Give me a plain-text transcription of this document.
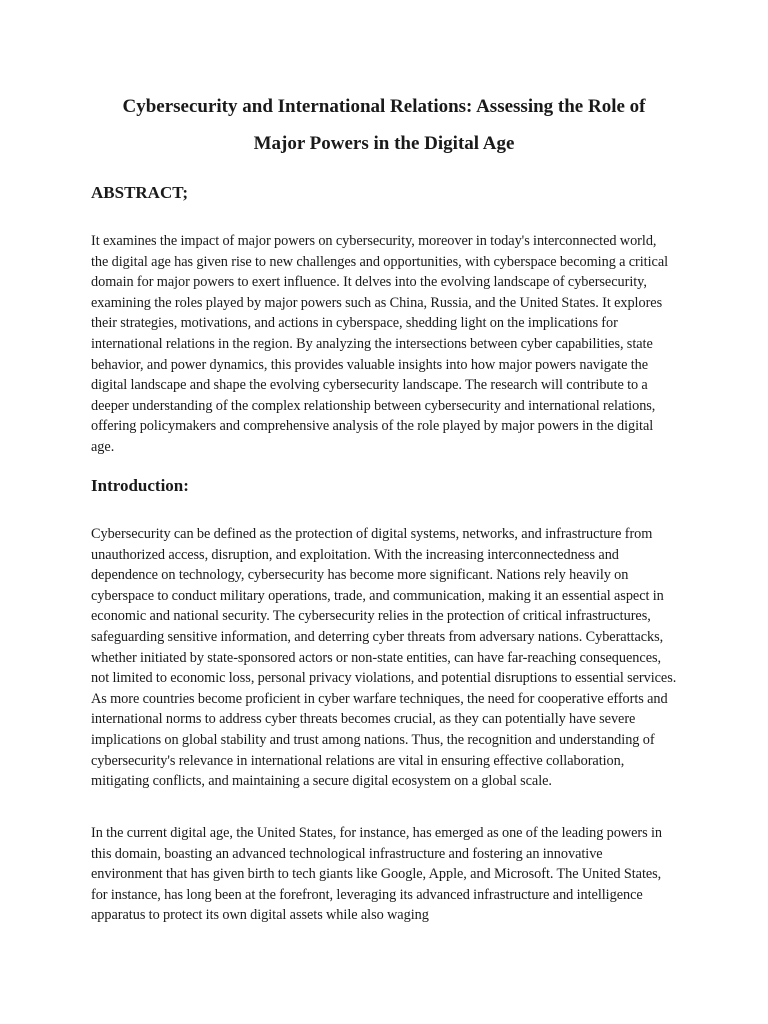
Cybersecurity and International Relations: Assessing the Role of
Major Powers in the Digital Age
ABSTRACT;

It examines the impact of major powers on cybersecurity, moreover in today's interconnected world, the digital age has given rise to new challenges and opportunities, with cyberspace becoming a critical domain for major powers to exert influence. It delves into the evolving landscape of cybersecurity, examining the roles played by major powers such as China, Russia, and the United States. It explores their strategies, motivations, and actions in cyberspace, shedding light on the implications for international relations in the region. By analyzing the intersections between cyber capabilities, state behavior, and power dynamics, this provides valuable insights into how major powers navigate the digital landscape and shape the evolving cybersecurity landscape. The research will contribute to a deeper understanding of the complex relationship between cybersecurity and international relations, offering policymakers and comprehensive analysis of the role played by major powers in the digital age.

Introduction:

Cybersecurity can be defined as the protection of digital systems, networks, and infrastructure from unauthorized access, disruption, and exploitation. With the increasing interconnectedness and dependence on technology, cybersecurity has become more significant. Nations rely heavily on cyberspace to conduct military operations, trade, and communication, making it an essential aspect in economic and national security. The cybersecurity relies in the protection of critical infrastructures, safeguarding sensitive information, and deterring cyber threats from adversary nations. Cyberattacks, whether initiated by state-sponsored actors or non-state entities, can have far-reaching consequences, not limited to economic loss, personal privacy violations, and potential disruptions to essential services. As more countries become proficient in cyber warfare techniques, the need for cooperative efforts and international norms to address cyber threats becomes crucial, as they can potentially have severe implications on global stability and trust among nations. Thus, the recognition and understanding of cybersecurity's relevance in international relations are vital in ensuring effective collaboration, mitigating conflicts, and maintaining a secure digital ecosystem on a global scale.

In the current digital age, the United States, for instance, has emerged as one of the leading powers in this domain, boasting an advanced technological infrastructure and fostering an innovative environment that has given birth to tech giants like Google, Apple, and Microsoft. The United States, for instance, has long been at the forefront, leveraging its advanced infrastructure and intelligence apparatus to protect its own digital assets while also waging
